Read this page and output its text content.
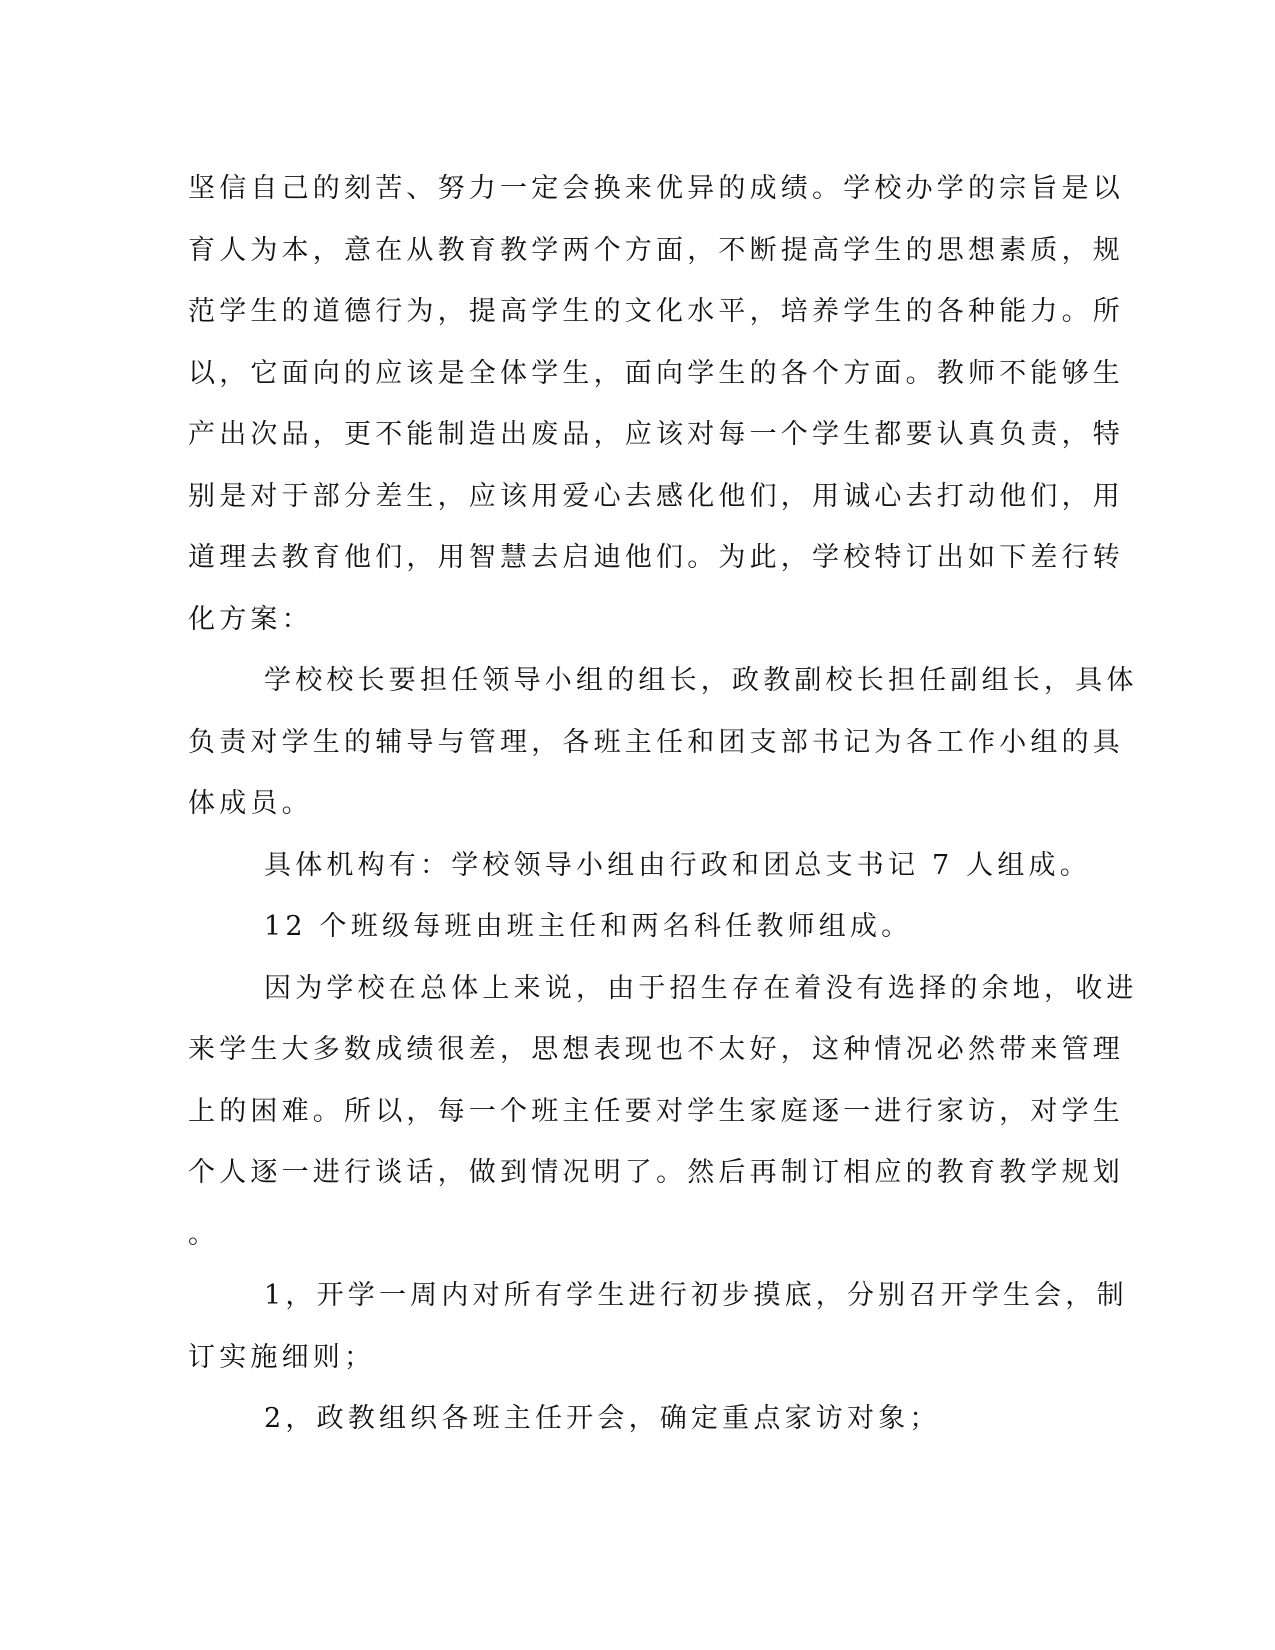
坚信自己的刻苦、努力一定会换来优异的成绩。学校办学的宗旨是以
育人为本，意在从教育教学两个方面，不断提高学生的思想素质，规
范学生的道德行为，提高学生的文化水平，培养学生的各种能力。所
以，它面向的应该是全体学生，面向学生的各个方面。教师不能够生
产出次品，更不能制造出废品，应该对每一个学生都要认真负责，特
别是对于部分差生，应该用爱心去感化他们，用诚心去打动他们，用
道理去教育他们，用智慧去启迪他们。为此，学校特订出如下差行转
化方案：
学校校长要担任领导小组的组长，政教副校长担任副组长，具体
负责对学生的辅导与管理，各班主任和团支部书记为各工作小组的具
体成员。
具体机构有：学校领导小组由行政和团总支书记 7 人组成。
12 个班级每班由班主任和两名科任教师组成。
因为学校在总体上来说，由于招生存在着没有选择的余地，收进
来学生大多数成绩很差，思想表现也不太好，这种情况必然带来管理
上的困难。所以，每一个班主任要对学生家庭逐一进行家访，对学生
个人逐一进行谈话，做到情况明了。然后再制订相应的教育教学规划
。
1，开学一周内对所有学生进行初步摸底，分别召开学生会，制
订实施细则；
2，政教组织各班主任开会，确定重点家访对象；
